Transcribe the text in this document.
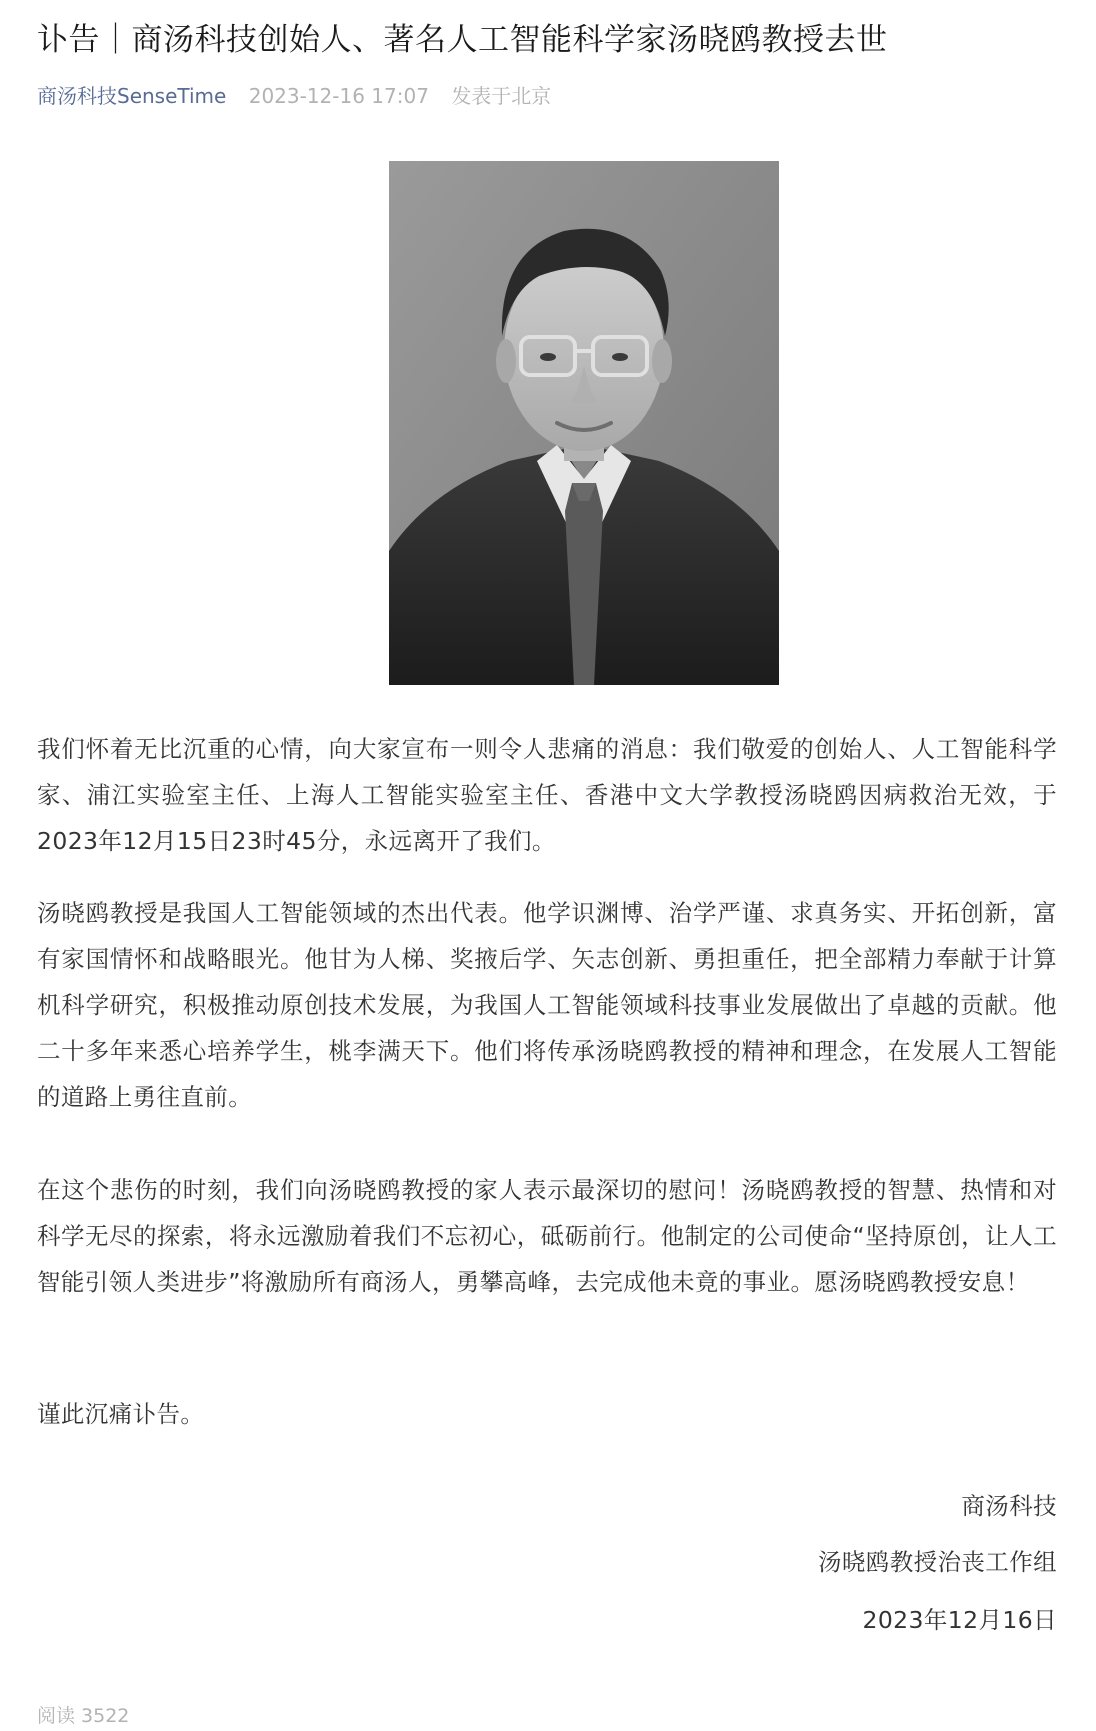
讣告｜商汤科技创始人、著名人工智能科学家汤晓鸥教授去世
商汤科技SenseTime 2023-12-16 17:07 发表于北京

我们怀着无比沉重的心情，向大家宣布一则令人悲痛的消息：我们敬爱的创始人、人工智能科学家、浦江实验室主任、上海人工智能实验室主任、香港中文大学教授汤晓鸥因病救治无效，于2023年12月15日23时45分，永远离开了我们。

汤晓鸥教授是我国人工智能领域的杰出代表。他学识渊博、治学严谨、求真务实、开拓创新，富有家国情怀和战略眼光。他甘为人梯、奖掖后学、矢志创新、勇担重任，把全部精力奉献于计算机科学研究，积极推动原创技术发展，为我国人工智能领域科技事业发展做出了卓越的贡献。他二十多年来悉心培养学生，桃李满天下。他们将传承汤晓鸥教授的精神和理念，在发展人工智能的道路上勇往直前。

在这个悲伤的时刻，我们向汤晓鸥教授的家人表示最深切的慰问！汤晓鸥教授的智慧、热情和对科学无尽的探索，将永远激励着我们不忘初心，砥砺前行。他制定的公司使命“坚持原创，让人工智能引领人类进步”将激励所有商汤人，勇攀高峰，去完成他未竟的事业。愿汤晓鸥教授安息！

谨此沉痛讣告。

商汤科技

汤晓鸥教授治丧工作组

2023年12月16日

阅读 3522
